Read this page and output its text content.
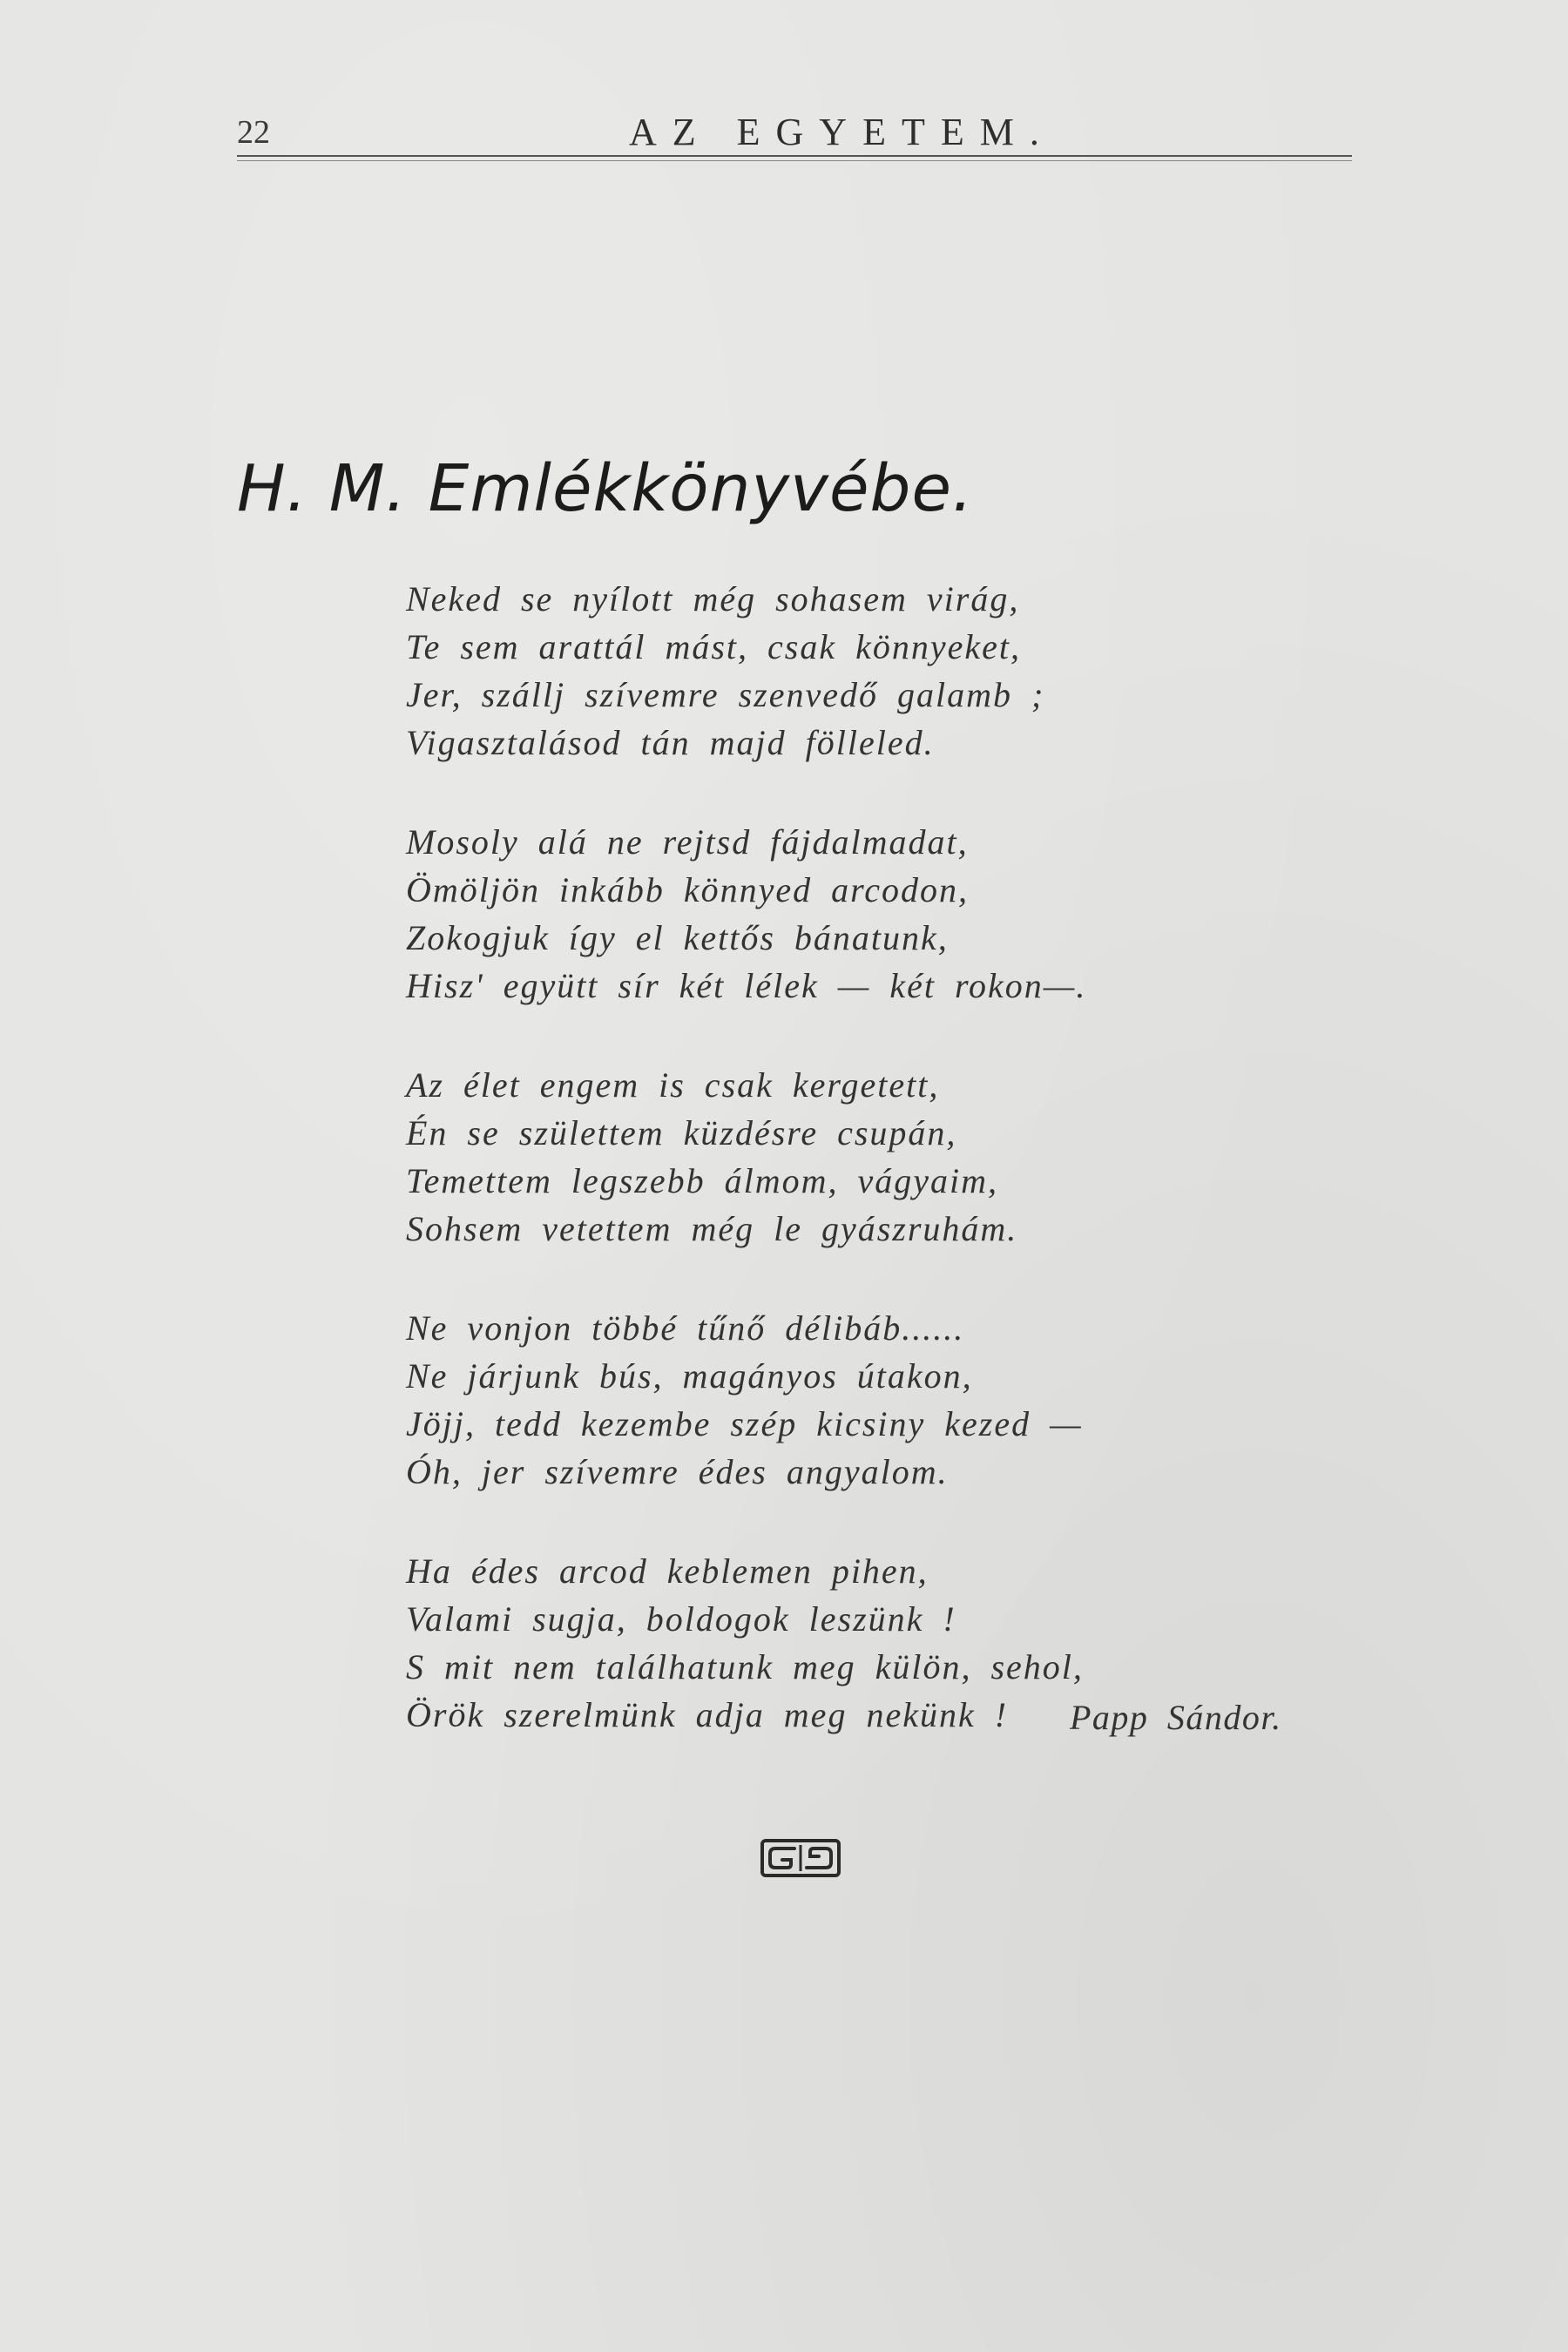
22	AZ EGYETEM.
H. M. Emlékkönyvébe.
Neked se nyílott még sohasem virág,
Te sem arattál mást, csak könnyeket,
Jer, szállj szívemre szenvedő galamb ;
Vigasztalásod tán majd fölleled.
Mosoly alá ne rejtsd fájdalmadat,
Ömöljön inkább könnyed arcodon,
Zokogjuk így el kettős bánatunk,
Hisz' együtt sír két lélek — két rokon—.
Az élet engem is csak kergetett,
Én se születtem küzdésre csupán,
Temettem legszebb álmom, vágyaim,
Sohsem vetettem még le gyászruhám.
Ne vonjon többé tűnő délibáb......
Ne járjunk bús, magányos útakon,
Jöjj, tedd kezembe szép kicsiny kezed —
Óh, jer szívemre édes angyalom.
Ha édes arcod keblemen pihen,
Valami sugja, boldogok leszünk !
S mit nem találhatunk meg külön, sehol,
Örök szerelmünk adja meg nekünk !	Papp Sándor.
